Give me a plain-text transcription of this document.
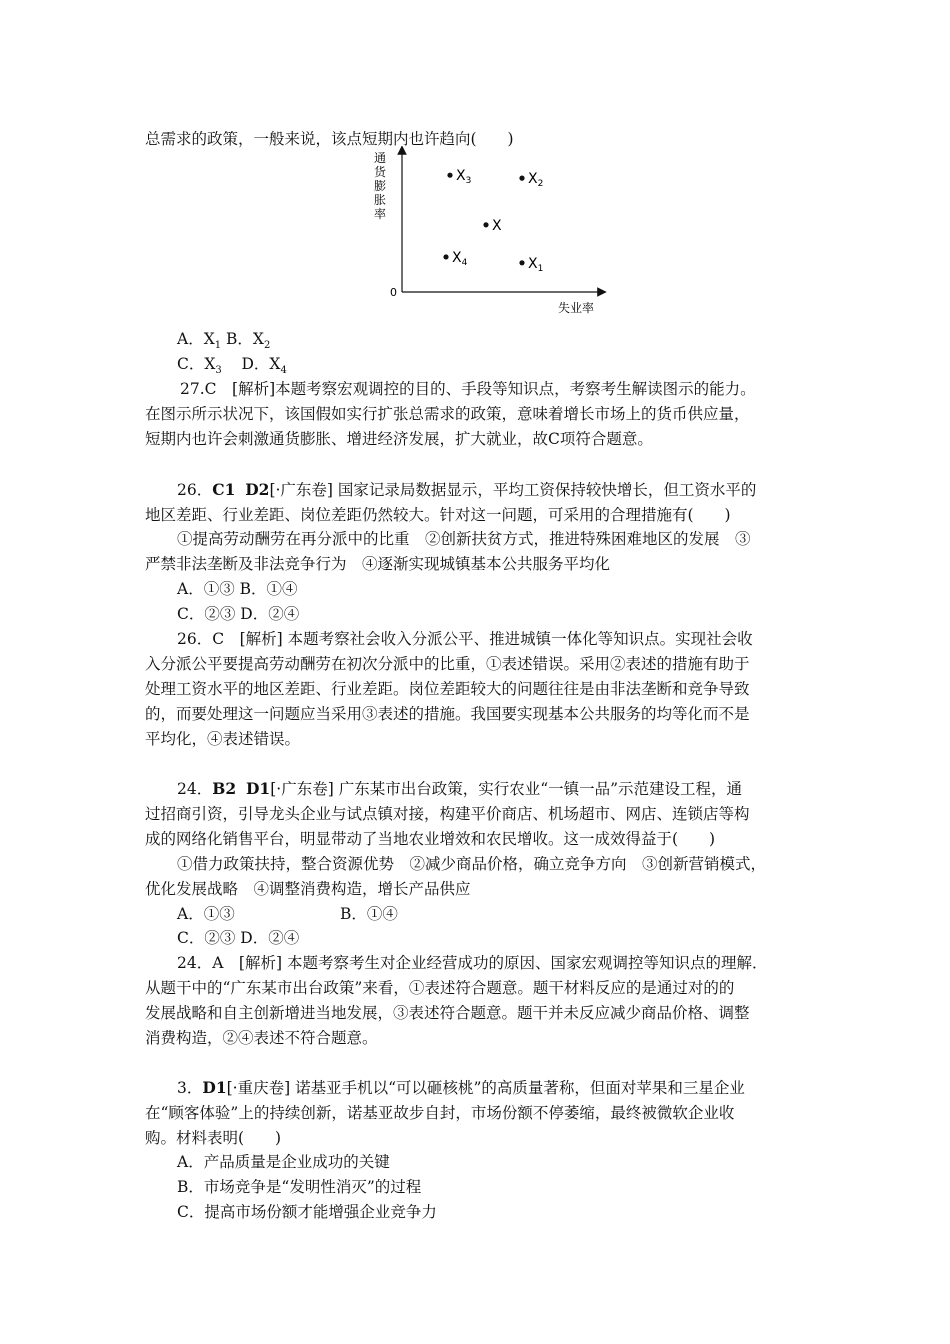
总需求的政策，一般来说，该点短期内也许趋向(　　)
通
货
膨
胀
率
失业率
0
$X_3$	$X_2$
X
$X_4$	$X_1$
A．$X_1$ B．$X_2$
C．$X_3$ D．$X_4$
27.C　[解析]本题考察宏观调控的目的、手段等知识点，考察考生解读图示的能力。
在图示所示状况下，该国假如实行扩张总需求的政策，意味着增长市场上的货币供应量，
短期内也许会刺激通货膨胀、增进经济发展，扩大就业，故C项符合题意。
26．C1 D2[·广东卷] 国家记录局数据显示，平均工资保持较快增长，但工资水平的
地区差距、行业差距、岗位差距仍然较大。针对这一问题，可采用的合理措施有(　　)
①提高劳动酬劳在再分派中的比重　②创新扶贫方式，推进特殊困难地区的发展　③
严禁非法垄断及非法竞争行为　④逐渐实现城镇基本公共服务平均化
A．①③ B．①④
C．②③ D．②④
26．C　[解析] 本题考察社会收入分派公平、推进城镇一体化等知识点。实现社会收
入分派公平要提高劳动酬劳在初次分派中的比重，①表述错误。采用②表述的措施有助于
处理工资水平的地区差距、行业差距。岗位差距较大的问题往往是由非法垄断和竞争导致
的，而要处理这一问题应当采用③表述的措施。我国要实现基本公共服务的均等化而不是
平均化，④表述错误。
24．B2 D1[·广东卷] 广东某市出台政策，实行农业“一镇一品”示范建设工程，通
过招商引资，引导龙头企业与试点镇对接，构建平价商店、机场超市、网店、连锁店等构
成的网络化销售平台，明显带动了当地农业增效和农民增收。这一成效得益于(　　)
①借力政策扶持，整合资源优势　②减少商品价格，确立竞争方向　③创新营销模式，
优化发展战略　④调整消费构造，增长产品供应
A．①③	B．①④
C．②③ D．②④
24．A　[解析] 本题考察考生对企业经营成功的原因、国家宏观调控等知识点的理解．
从题干中的“广东某市出台政策”来看，①表述符合题意。题干材料反应的是通过对的的
发展战略和自主创新增进当地发展，③表述符合题意。题干并未反应减少商品价格、调整
消费构造，②④表述不符合题意。
3．D1[·重庆卷] 诺基亚手机以“可以砸核桃”的高质量著称，但面对苹果和三星企业
在“顾客体验”上的持续创新，诺基亚故步自封，市场份额不停萎缩，最终被微软企业收
购。材料表明(　　)
A．产品质量是企业成功的关键
B．市场竞争是“发明性消灭”的过程
C．提高市场份额才能增强企业竞争力
